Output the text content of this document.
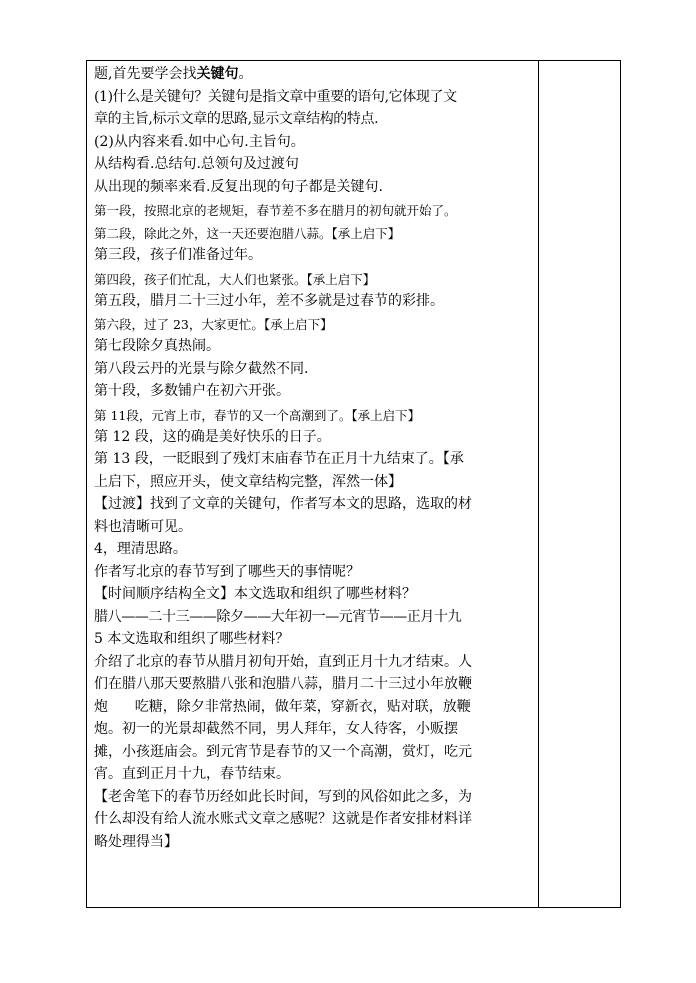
题,首先要学会找关键句。
(1)什么是关键句？关键句是指文章中重要的语句,它体现了文
章的主旨,标示文章的思路,显示文章结构的特点.
(2)从内容来看.如中心句.主旨句。
从结构看.总结句.总领句及过渡句
从出现的频率来看.反复出现的句子都是关键句.
第一段，按照北京的老规矩，春节差不多在腊月的初旬就开始了。
第二段，除此之外，这一天还要泡腊八蒜。【承上启下】
第三段，孩子们准备过年。
第四段，孩子们忙乱，大人们也紧张。【承上启下】
第五段，腊月二十三过小年，差不多就是过春节的彩排。
第六段，过了 23，大家更忙。【承上启下】
第七段除夕真热闹。
第八段云丹的光景与除夕截然不同.
第十段，多数铺户在初六开张。
第 11段，元宵上市，春节的又一个高潮到了。【承上启下】
第 12 段，这的确是美好快乐的日子。
第 13 段，一眨眼到了残灯末庙春节在正月十九结束了。【承
上启下，照应开头，使文章结构完整，浑然一体】
【过渡】找到了文章的关键句，作者写本文的思路，选取的材
料也清晰可见。
4，理清思路。
作者写北京的春节写到了哪些天的事情呢？
【时间顺序结构全文】本文选取和组织了哪些材料？
腊八——二十三——除夕——大年初一—元宵节——正月十九
5 本文选取和组织了哪些材料？
介绍了北京的春节从腊月初旬开始，直到正月十九才结束。人
们在腊八那天要熬腊八张和泡腊八蒜，腊月二十三过小年放鞭
炮      吃糖，除夕非常热闹，做年菜，穿新衣，贴对联，放鞭
炮。初一的光景却截然不同，男人拜年，女人待客，小贩摆
摊，小孩逛庙会。到元宵节是春节的又一个高潮，赏灯，吃元
宵。直到正月十九，春节结束。
【老舍笔下的春节历经如此长时间，写到的风俗如此之多，为
什么却没有给人流水账式文章之感呢？这就是作者安排材料详
略处理得当】
